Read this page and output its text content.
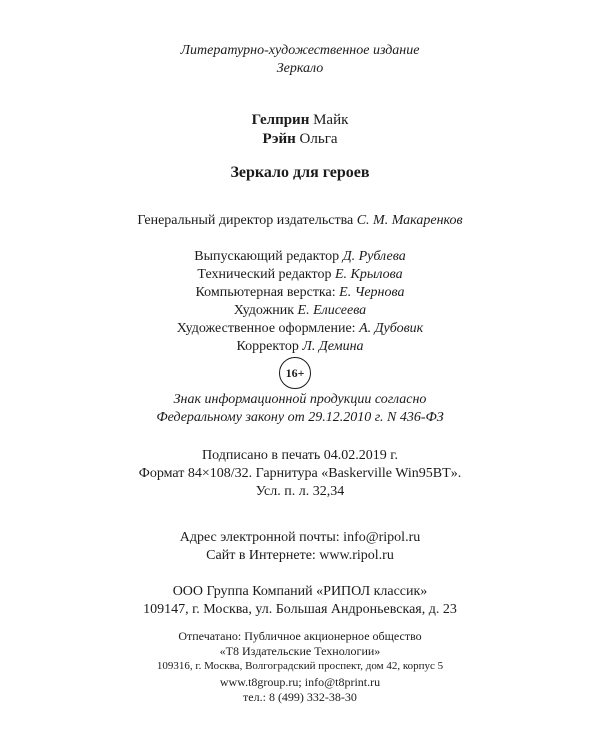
Литературно-художественное издание
Зеркало
Гелприн Майк
Рэйн Ольга
Зеркало для героев
Генеральный директор издательства С. М. Макаренков
Выпускающий редактор Д. Рублева
Технический редактор Е. Крылова
Компьютерная верстка: Е. Чернова
Художник Е. Елисеева
Художественное оформление: А. Дубовик
Корректор Л. Демина
16+
Знак информационной продукции согласно
Федеральному закону от 29.12.2010 г. N 436-ФЗ
Подписано в печать 04.02.2019 г.
Формат 84×108/32. Гарнитура «Baskerville Win95BT».
Усл. п. л. 32,34
Адрес электронной почты: info@ripol.ru
Сайт в Интернете: www.ripol.ru
ООО Группа Компаний «РИПОЛ классик»
109147, г. Москва, ул. Большая Андроньевская, д. 23
Отпечатано: Публичное акционерное общество
«Т8 Издательские Технологии»
109316, г. Москва, Волгоградский проспект, дом 42, корпус 5
www.t8group.ru; info@t8print.ru
тел.: 8 (499) 332-38-30
